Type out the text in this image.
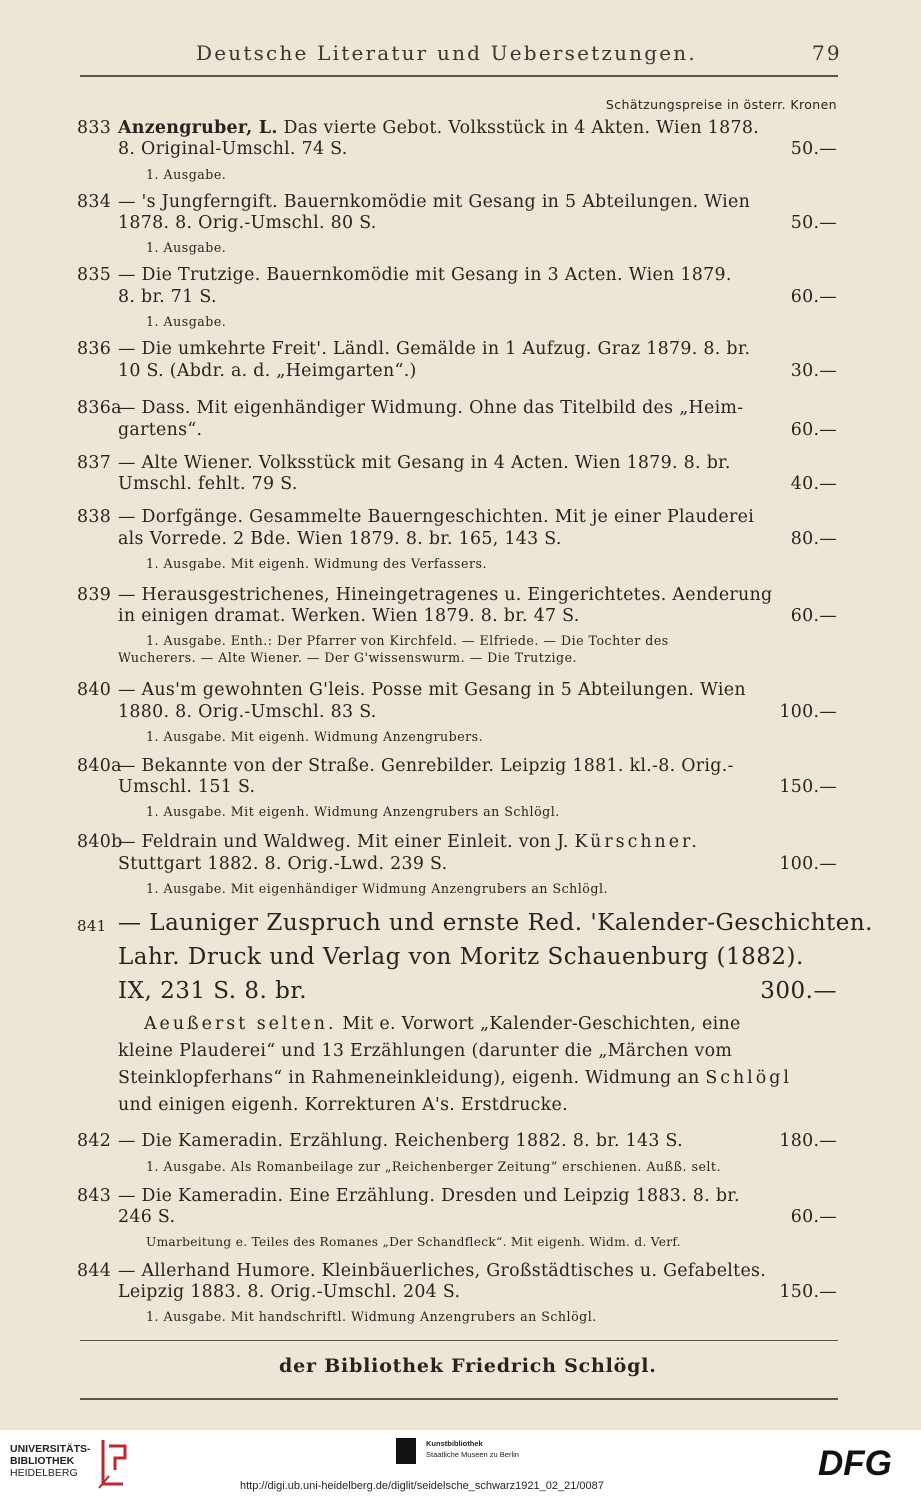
Deutsche Literatur und Uebersetzungen.	79
Schätzungspreise in österr. Kronen
833 Anzengruber, L. Das vierte Gebot. Volksstück in 4 Akten. Wien 1878.
8. Original-Umschl. 74 S.	50.—
1. Ausgabe.
834 — 's Jungferngift. Bauernkomödie mit Gesang in 5 Abteilungen. Wien
1878. 8. Orig.-Umschl. 80 S.	50.—
1. Ausgabe.
835 — Die Trutzige. Bauernkomödie mit Gesang in 3 Acten. Wien 1879.
8. br. 71 S.	60.—
1. Ausgabe.
836 — Die umkehrte Freit'. Ländl. Gemälde in 1 Aufzug. Graz 1879. 8. br.
10 S. (Abdr. a. d. „Heimgarten“.)	30.—
836a
— Dass. Mit eigenhändiger Widmung. Ohne das Titelbild des „Heim-
gartens“.	60.—
837 — Alte Wiener. Volksstück mit Gesang in 4 Acten. Wien 1879. 8. br.
Umschl. fehlt. 79 S.	40.—
838 — Dorfgänge. Gesammelte Bauerngeschichten. Mit je einer Plauderei
als Vorrede. 2 Bde. Wien 1879. 8. br. 165, 143 S.	80.—
1. Ausgabe. Mit eigenh. Widmung des Verfassers.
839 — Herausgestrichenes, Hineingetragenes u. Eingerichtetes. Aenderung
in einigen dramat. Werken. Wien 1879. 8. br. 47 S.	60.—
1. Ausgabe. Enth.: Der Pfarrer von Kirchfeld. — Elfriede. — Die Tochter des
Wucherers. — Alte Wiener. — Der G'wissenswurm. — Die Trutzige.
840 — Aus'm gewohnten G'leis. Posse mit Gesang in 5 Abteilungen. Wien
1880. 8. Orig.-Umschl. 83 S.	100.—
1. Ausgabe. Mit eigenh. Widmung Anzengrubers.
840a
— Bekannte von der Straße. Genrebilder. Leipzig 1881. kl.-8. Orig.-
Umschl. 151 S.	150.—
1. Ausgabe. Mit eigenh. Widmung Anzengrubers an Schlögl.
840b
— Feldrain und Waldweg. Mit einer Einleit. von J. Kürschner.
Stuttgart 1882. 8. Orig.-Lwd. 239 S.	100.—
1. Ausgabe. Mit eigenhändiger Widmung Anzengrubers an Schlögl.
841 — Launiger Zuspruch und ernste Red. 'Kalender-Geschichten.
Lahr. Druck und Verlag von Moritz Schauenburg (1882).
IX, 231 S. 8. br.	300.—
Aeußerst selten. Mit e. Vorwort „Kalender-Geschichten, eine
kleine Plauderei“ und 13 Erzählungen (darunter die „Märchen vom
Steinklopferhans“ in Rahmeneinkleidung), eigenh. Widmung an Schlögl
und einigen eigenh. Korrekturen A's. Erstdrucke.
842 — Die Kameradin. Erzählung. Reichenberg 1882. 8. br. 143 S.	180.—
1. Ausgabe. Als Romanbeilage zur „Reichenberger Zeitung“ erschienen. Außß. selt.
843 — Die Kameradin. Eine Erzählung. Dresden und Leipzig 1883. 8. br.
246 S.	60.—
Umarbeitung e. Teiles des Romanes „Der Schandfleck“. Mit eigenh. Widm. d. Verf.
844 — Allerhand Humore. Kleinbäuerliches, Großstädtisches u. Gefabeltes.
Leipzig 1883. 8. Orig.-Umschl. 204 S.	150.—
1. Ausgabe. Mit handschriftl. Widmung Anzengrubers an Schlögl.
der Bibliothek Friedrich Schlögl.
UNIVERSITÄTS-
BIBLIOTHEK
HEIDELBERG
Kunstbibliothek
Staatliche Museen zu Berlin
http://digi.ub.uni-heidelberg.de/diglit/seidelsche_schwarz1921_02_21/0087
DFG
